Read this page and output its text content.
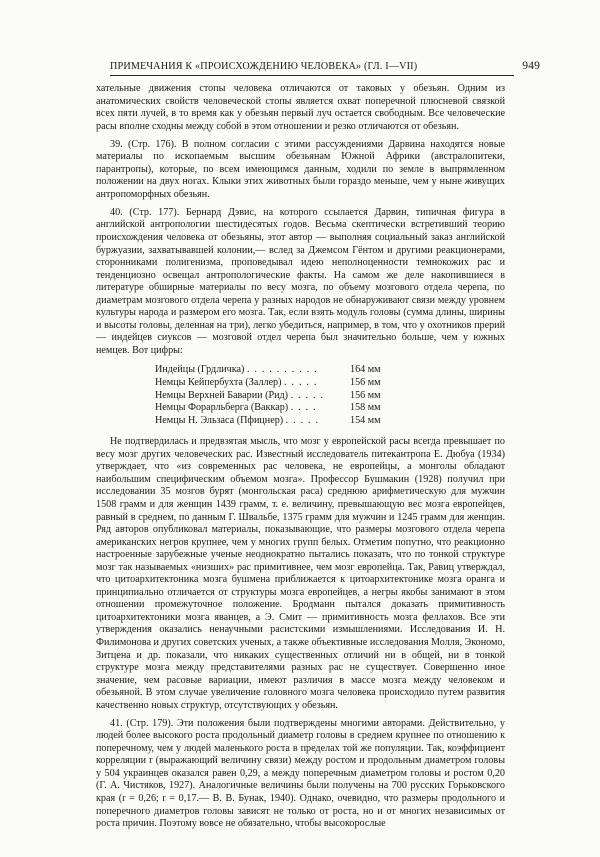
ПРИМЕЧАНИЯ К «ПРОИСХОЖДЕНИЮ ЧЕЛОВЕКА» (ГЛ. I—VII)	949

хательные движения стопы человека отличаются от таковых у обезьян. Одним из анатомических свойств человеческой стопы является охват поперечной плюсневой связкой всех пяти лучей, в то время как у обезьян первый луч остается свободным. Все человеческие расы вполне сходны между собой в этом отношении и резко отличаются от обезьян.

39. (Стр. 176). В полном согласии с этими рассуждениями Дарвина находятся новые материалы по ископаемым высшим обезьянам Южной Африки (австралопитеки, парантропы), которые, по всем имеющимся данным, ходили по земле в выпрямленном положении на двух ногах. Клыки этих животных были гораздо меньше, чем у ныне живущих антропоморфных обезьян.

40. (Стр. 177). Бернард Дэвис, на которого ссылается Дарвин, типичная фигура в английской антропологии шестидесятых годов. Весьма скептически встретивший теорию происхождения человека от обезьяны, этот автор — выполняя социальный заказ английской буржуазии, захватывавшей колонии,— вслед за Джемсом Гёнтом и другими реакционерами, сторонниками полигенизма, проповедывал идею неполноценности темнокожих рас и тенденциозно освещал антропологические факты. На самом же деле накопившиеся в литературе обширные материалы по весу мозга, по объему мозгового отдела черепа, по диаметрам мозгового отдела черепа у разных народов не обнаруживают связи между уровнем культуры народа и размером его мозга. Так, если взять модуль головы (сумма длины, ширины и высоты головы, деленная на три), легко убедиться, например, в том, что у охотников прерий — индейцев сиуксов — мозговой отдел черепа был значительно больше, чем у южных немцев. Вот цифры:

Индейцы (Грдличка) . . . . . . . . . .	164 мм
Немцы Кейпербухта (Заллер) . . . . .	156 мм
Немцы Верхней Баварии (Рид) . . . . .	156 мм
Немцы Форарльберга (Ваккар) . . . .	158 мм
Немцы Н. Эльзаса (Пфицнер) . . . . .	154 мм

Не подтвердилась и предвзятая мысль, что мозг у европейской расы всегда превышает по весу мозг других человеческих рас. Известный исследователь питекантропа Е. Дюбуа (1934) утверждает, что «из современных рас человека, не европейцы, а монголы обладают наибольшим специфическим объемом мозга». Профессор Бушмакин (1928) получил при исследовании 35 мозгов бурят (монгольская раса) среднюю арифметическую для мужчин 1508 грамм и для женщин 1439 грамм, т. е. величину, превышающую вес мозга европейцев, равный в среднем, по данным Г. Швальбе, 1375 грамм для мужчин и 1245 грамм для женщин. Ряд авторов опубликовал материалы, показывающие, что размеры мозгового отдела черепа американских негров крупнее, чем у многих групп белых. Отметим попутно, что реакционно настроенные зарубежные ученые неоднократно пытались показать, что по тонкой структуре мозг так называемых «низших» рас примитивнее, чем мозг европейца. Так, Равиц утверждал, что цитоархитектоника мозга бушмена приближается к цитоархитектонике мозга оранга и принципиально отличается от структуры мозга европейцев, а негры якобы занимают в этом отношении промежуточное положение. Бродманн пытался доказать примитивность цитоархитектоники мозга яванцев, а Э. Смит — примитивность мозга феллахов. Все эти утверждения оказались ненаучными расистскими измышлениями. Исследования И. Н. Филимонова и других советских ученых, а также объективные исследования Молля, Экономо, Зитцена и др. показали, что никаких существенных отличий ни в общей, ни в тонкой структуре мозга между представителями разных рас не существует. Совершенно иное значение, чем расовые вариации, имеют различия в массе мозга между человеком и обезьяной. В этом случае увеличение головного мозга человека происходило путем развития качественно новых структур, отсутствующих у обезьян.

41. (Стр. 179). Эти положения были подтверждены многими авторами. Действительно, у людей более высокого роста продольный диаметр головы в среднем крупнее по отношению к поперечному, чем у людей маленького роста в пределах той же популяции. Так, коэффициент корреляции r (выражающий величину связи) между ростом и продольным диаметром головы у 504 украинцев оказался равен 0,29, а между поперечным диаметром головы и ростом 0,20 (Г. А. Чистяков, 1927). Аналогичные величины были получены на 700 русских Горьковского края (r = 0,26; r = 0,17.— В. В. Бунак, 1940). Однако, очевидно, что размеры продольного и поперечного диаметров головы зависят не только от роста, но и от многих независимых от роста причин. Поэтому вовсе не обязательно, чтобы высокорослые
